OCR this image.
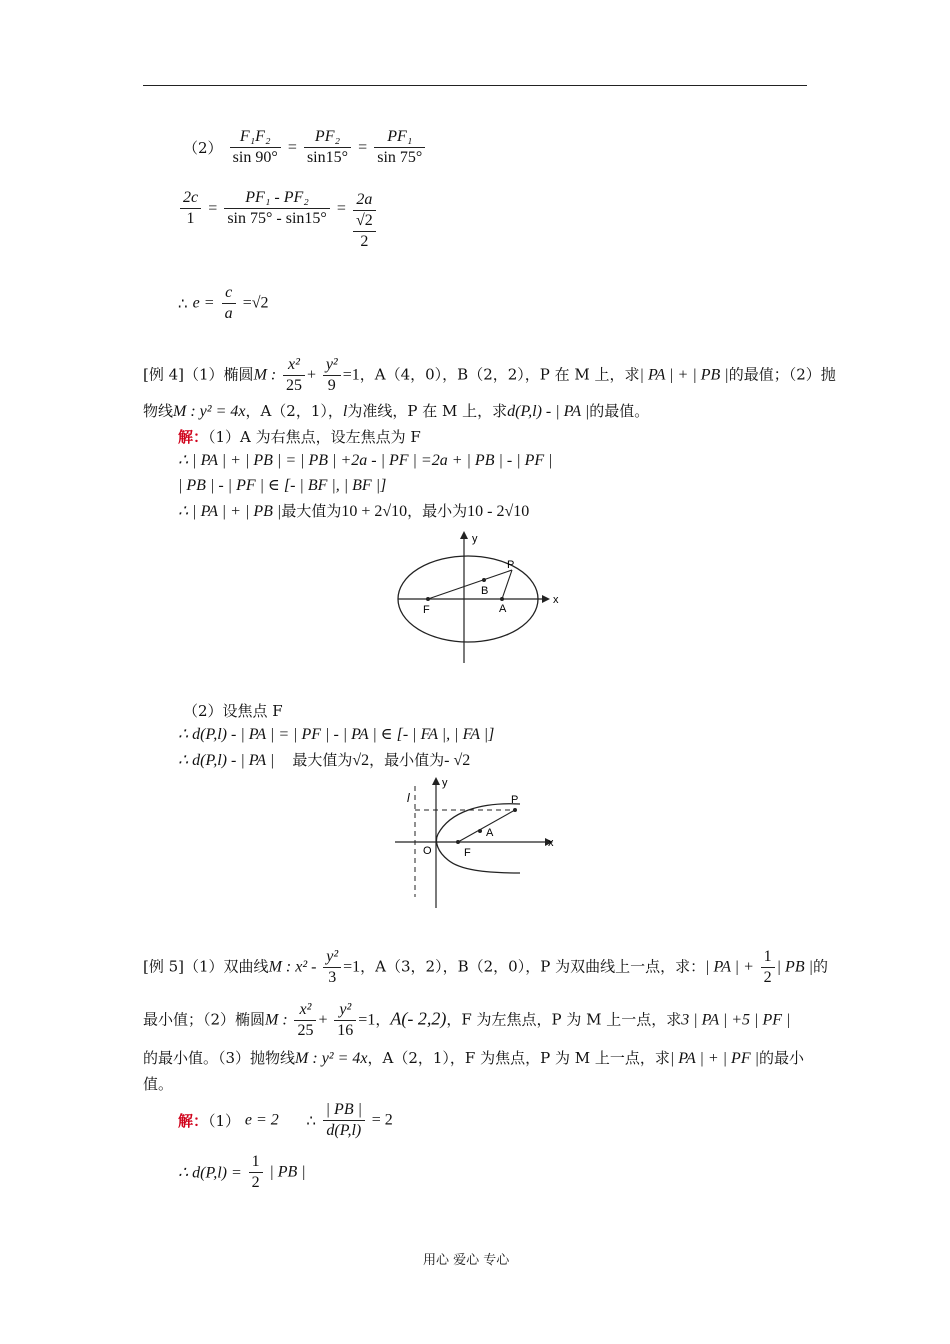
$(2) \frac{\text{F₁F₂}}{\sin 90^\circ} = \frac{\text{PF₂}}{\sin 15^\circ} = \frac{\text{PF₁}}{\sin 75^\circ}$
$\frac{2c}{1} = \frac{\text{PF₁ - PF₂}}{\sin 75^\circ - \sin 15^\circ}$ =
2a
√2
2
∴ $e = \frac{c}{a} =√2$
[例 4]（1）椭圆M : $\frac{\text{x²}}{25} + \frac{\text{y²}}{9} =1$，A（4，0），B（2，2），P 在 M 上，求| PA | + | PB |的最值；（2）抛
物线M : y² = 4x，A（2，1），l为准线，P 在 M 上，求d(P,l) - | PA |的最值。
解：（1）A 为右焦点，设左焦点为 F
∴ | PA | + | PB | = | PB | +2a - | PF | =2a + | PB | - | PF |
| PB | - | PF | ∈ [- | BF |, | BF |]
∴ | PA | + | PB |最大值为10 + 2√10，最小为10 - 2√10
y
x
P
B
F	A
（2）设焦点 F
∴ d(P,l) - | PA | = | PF | - | PA | ∈ [- | FA |, | FA |]
∴ d(P,l) - | PA | 最大值为√2，最小值为- √2
l
y
P
A
O	F
x
[例 5]（1）双曲线M : $x^2 - \frac{\text{y²}}{3} =1$，A（3，2），B（2，0），P 为双曲线上一点，求：| PA | + $\frac{1}{2}$ | PB |的
最小值；（2）椭圆M : $\frac{\text{x²}}{25} + \frac{\text{y²}}{16} =1$，A(- 2,2)，F 为左焦点，P 为 M 上一点，求3 | PA | +5 | PF |
的最小值。（3）抛物线M : y² = 4x，A（2，1），F 为焦点，P 为 M 上一点，求| PA | + | PF |的最小
值。
解：（1） e = 2 ∴ $\frac{| PB |}{d(P,l)} = 2$
∴ $d(P,l) = \frac{1}{2}$ | PB |
用心 爱心 专心
